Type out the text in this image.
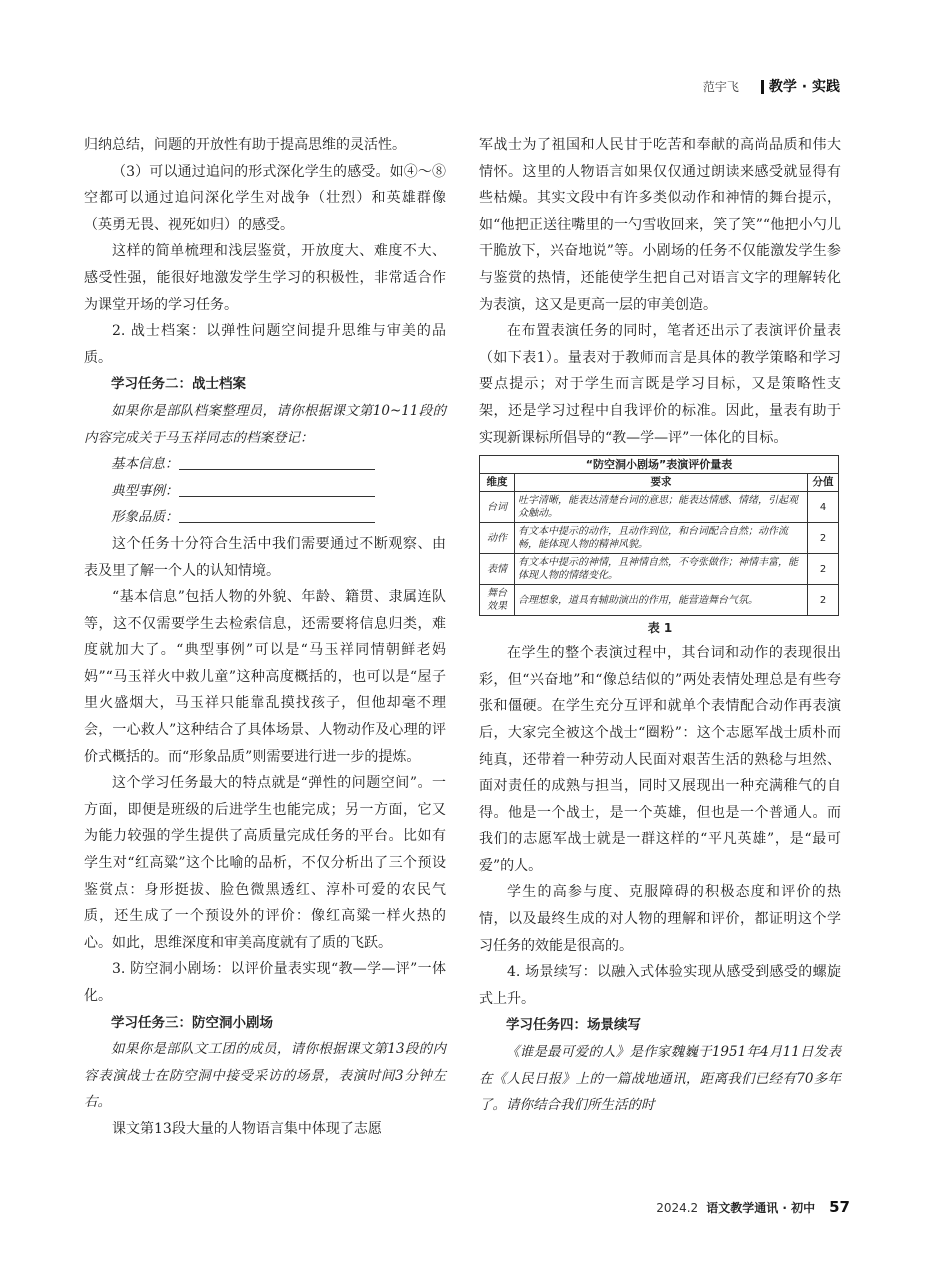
范宇飞	教学 · 实践

归纳总结，问题的开放性有助于提高思维的灵活性。

（3）可以通过追问的形式深化学生的感受。如④～⑧空都可以通过追问深化学生对战争（壮烈）和英雄群像（英勇无畏、视死如归）的感受。

这样的简单梳理和浅层鉴赏，开放度大、难度不大、感受性强，能很好地激发学生学习的积极性，非常适合作为课堂开场的学习任务。

2. 战士档案：以弹性问题空间提升思维与审美的品质。

学习任务二：战士档案

如果你是部队档案整理员，请你根据课文第10~11段的内容完成关于马玉祥同志的档案登记：

基本信息：

典型事例：

形象品质：

这个任务十分符合生活中我们需要通过不断观察、由表及里了解一个人的认知情境。

“基本信息”包括人物的外貌、年龄、籍贯、隶属连队等，这不仅需要学生去检索信息，还需要将信息归类，难度就加大了。“典型事例”可以是“马玉祥同情朝鲜老妈妈”“马玉祥火中救儿童”这种高度概括的，也可以是“屋子里火盛烟大，马玉祥只能靠乱摸找孩子，但他却毫不理会，一心救人”这种结合了具体场景、人物动作及心理的评价式概括的。而“形象品质”则需要进行进一步的提炼。

这个学习任务最大的特点就是“弹性的问题空间”。一方面，即便是班级的后进学生也能完成；另一方面，它又为能力较强的学生提供了高质量完成任务的平台。比如有学生对“红高粱”这个比喻的品析，不仅分析出了三个预设鉴赏点：身形挺拔、脸色微黑透红、淳朴可爱的农民气质，还生成了一个预设外的评价：像红高粱一样火热的心。如此，思维深度和审美高度就有了质的飞跃。

3. 防空洞小剧场：以评价量表实现“教—学—评”一体化。

学习任务三：防空洞小剧场

如果你是部队文工团的成员，请你根据课文第13段的内容表演战士在防空洞中接受采访的场景，表演时间3分钟左右。

课文第13段大量的人物语言集中体现了志愿

军战士为了祖国和人民甘于吃苦和奉献的高尚品质和伟大情怀。这里的人物语言如果仅仅通过朗读来感受就显得有些枯燥。其实文段中有许多类似动作和神情的舞台提示，如“他把正送往嘴里的一勺雪收回来，笑了笑”“他把小勺儿干脆放下，兴奋地说”等。小剧场的任务不仅能激发学生参与鉴赏的热情，还能使学生把自己对语言文字的理解转化为表演，这又是更高一层的审美创造。

在布置表演任务的同时，笔者还出示了表演评价量表（如下表1）。量表对于教师而言是具体的教学策略和学习要点提示；对于学生而言既是学习目标，又是策略性支架，还是学习过程中自我评价的标准。因此，量表有助于实现新课标所倡导的“教—学—评”一体化的目标。

“防空洞小剧场”表演评价量表
维度	要求	分值
台词	吐字清晰，能表达清楚台词的意思；能表达情感、情绪，引起观众触动。	4
动作	有文本中提示的动作，且动作到位，和台词配合自然；动作流畅，能体现人物的精神风貌。	2
表情	有文本中提示的神情，且神情自然，不夸张做作；神情丰富，能体现人物的情绪变化。	2
舞台效果	合理想象，道具有辅助演出的作用，能营造舞台气氛。	2
表 1

在学生的整个表演过程中，其台词和动作的表现很出彩，但“兴奋地”和“像总结似的”两处表情处理总是有些夸张和僵硬。在学生充分互评和就单个表情配合动作再表演后，大家完全被这个战士“圈粉”：这个志愿军战士质朴而纯真，还带着一种劳动人民面对艰苦生活的熟稔与坦然、面对责任的成熟与担当，同时又展现出一种充满稚气的自得。他是一个战士，是一个英雄，但也是一个普通人。而我们的志愿军战士就是一群这样的“平凡英雄”，是“最可爱”的人。

学生的高参与度、克服障碍的积极态度和评价的热情，以及最终生成的对人物的理解和评价，都证明这个学习任务的效能是很高的。

4. 场景续写：以融入式体验实现从感受到感受的螺旋式上升。

学习任务四：场景续写

《谁是最可爱的人》是作家魏巍于1951年4月11日发表在《人民日报》上的一篇战地通讯，距离我们已经有70多年了。请你结合我们所生活的时

2024.2 语文教学通讯 · 初中 57
